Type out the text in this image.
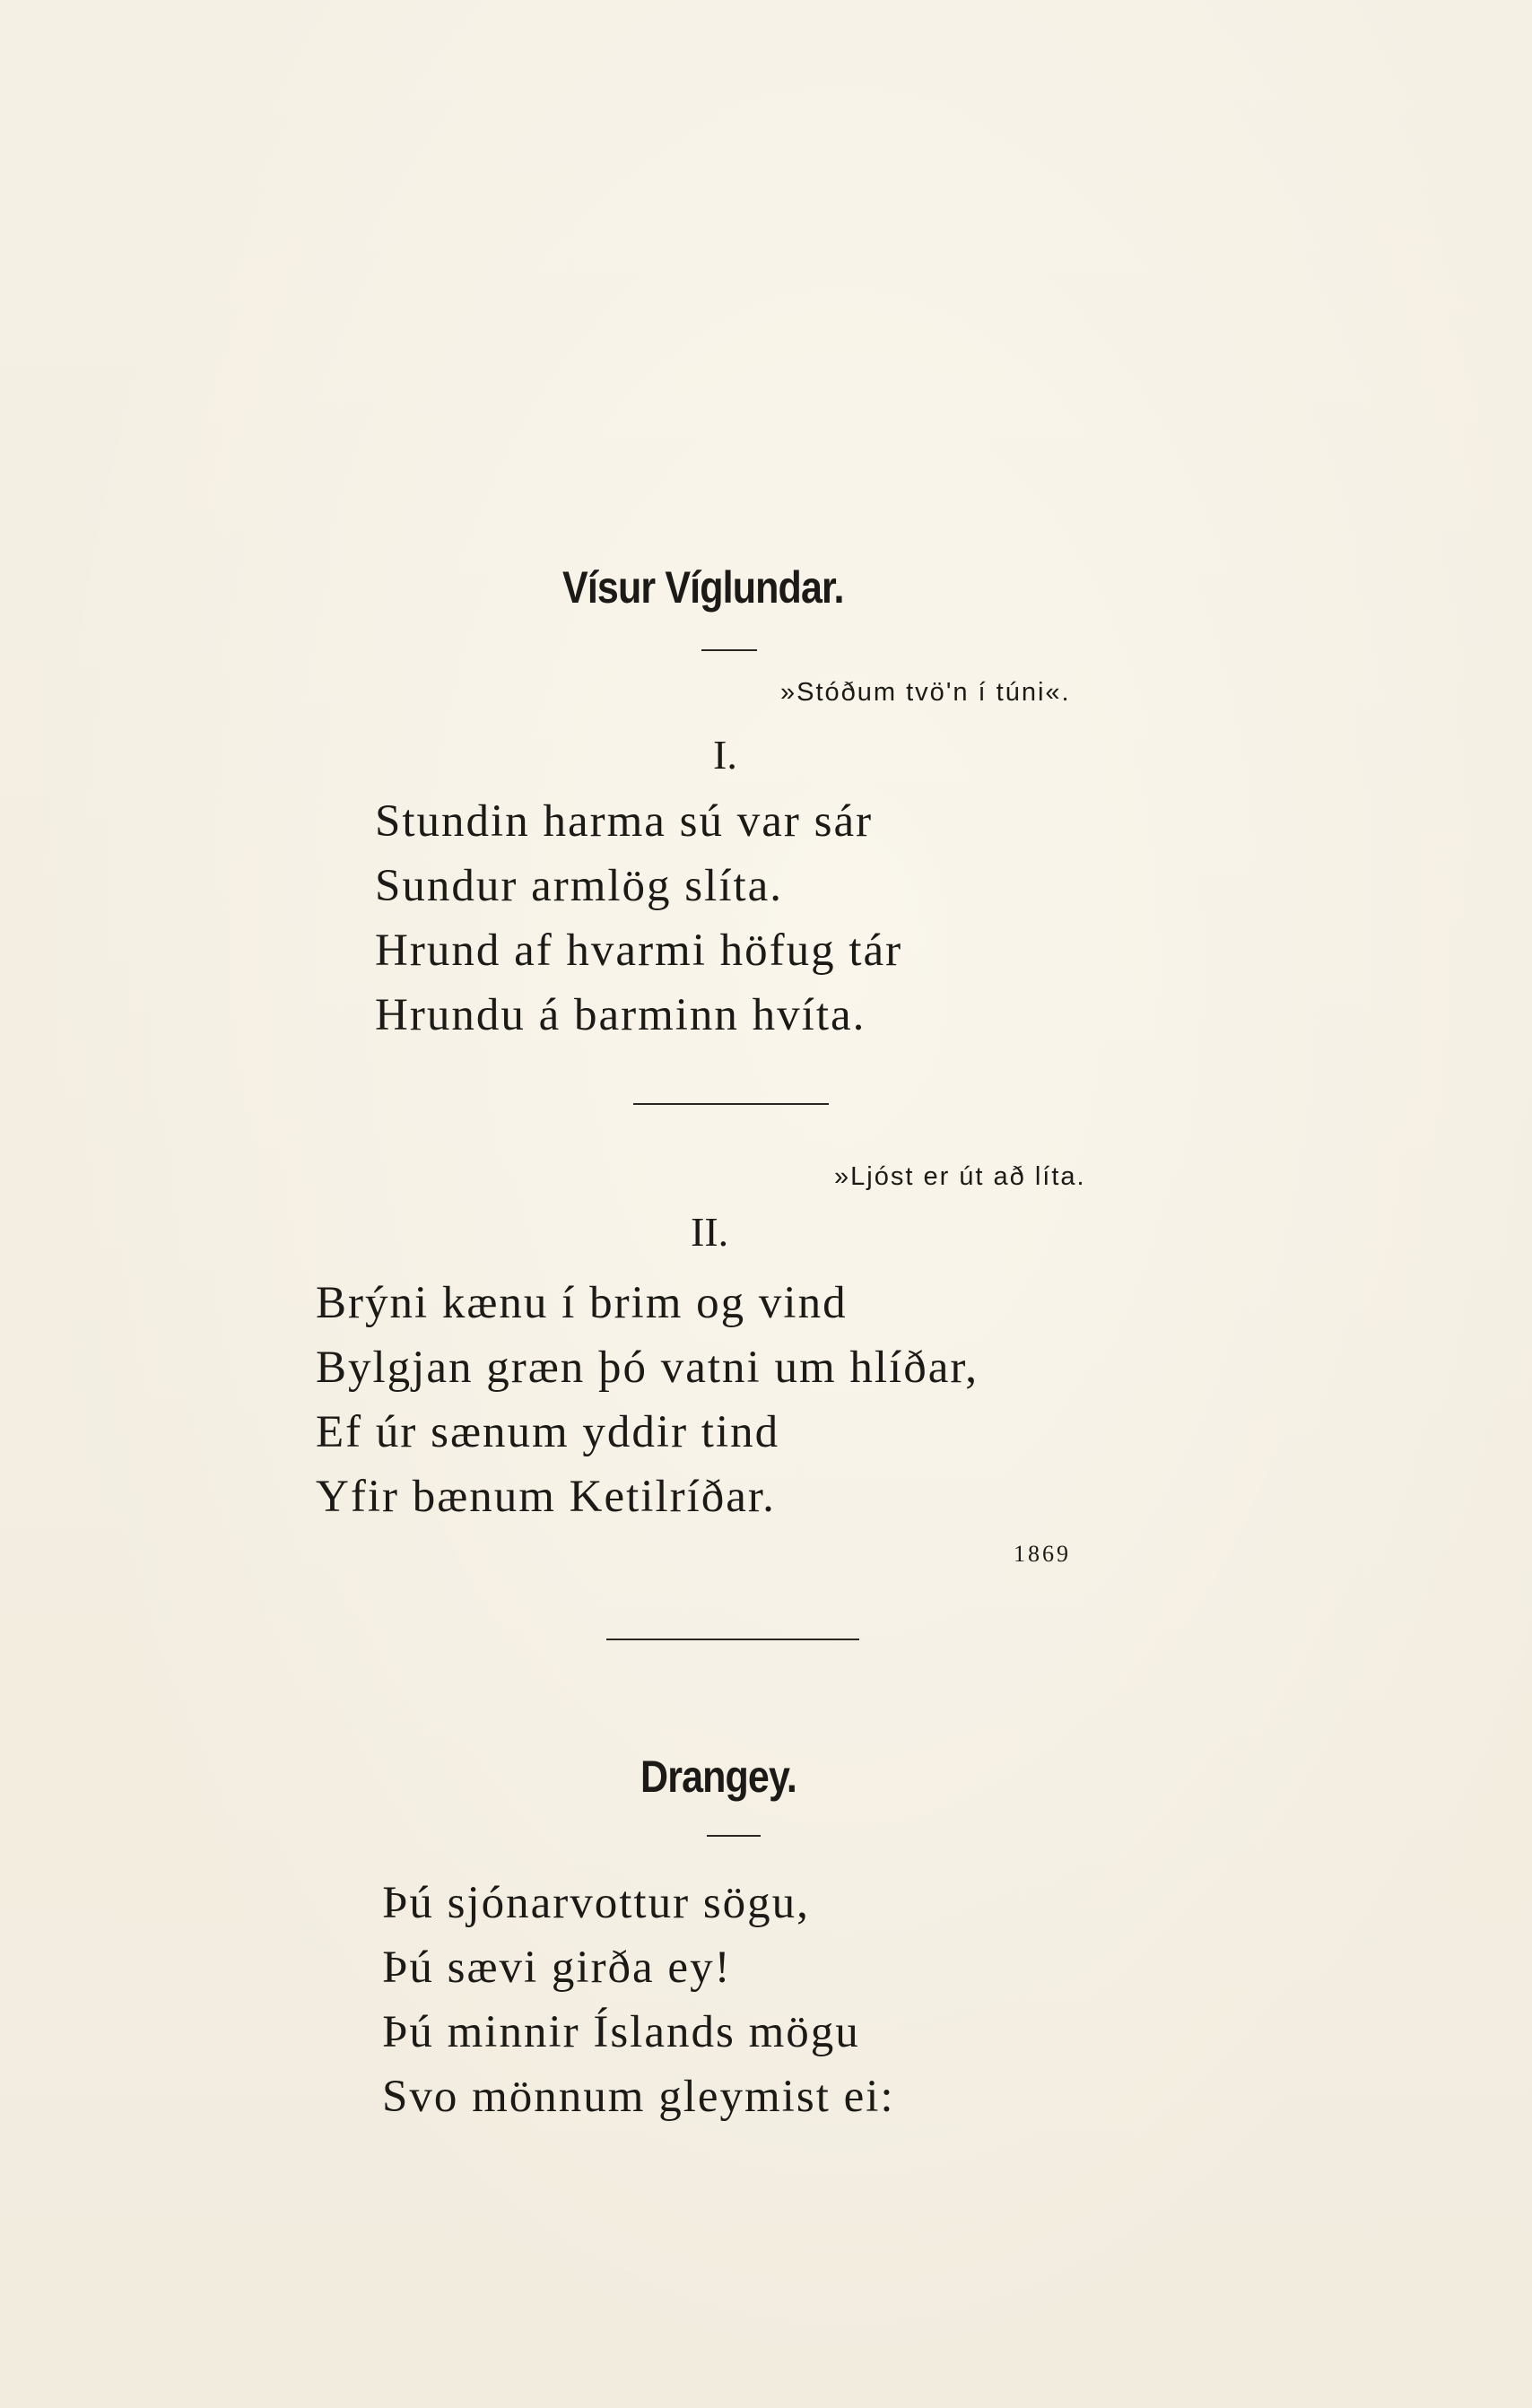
Vísur Víglundar.
»Stóðum tvö'n í túni«.
I.
Stundin harma sú var sár
Sundur armlög slíta.
Hrund af hvarmi höfug tár
Hrundu á barminn hvíta.
»Ljóst er út að líta.
II.
Brýni kænu í brim og vind
Bylgjan græn þó vatni um hlíðar,
Ef úr sænum yddir tind
Yfir bænum Ketilríðar.
1869
Drangey.
Þú sjónarvottur sögu,
Þú sævi girða ey!
Þú minnir Íslands mögu
Svo mönnum gleymist ei:
